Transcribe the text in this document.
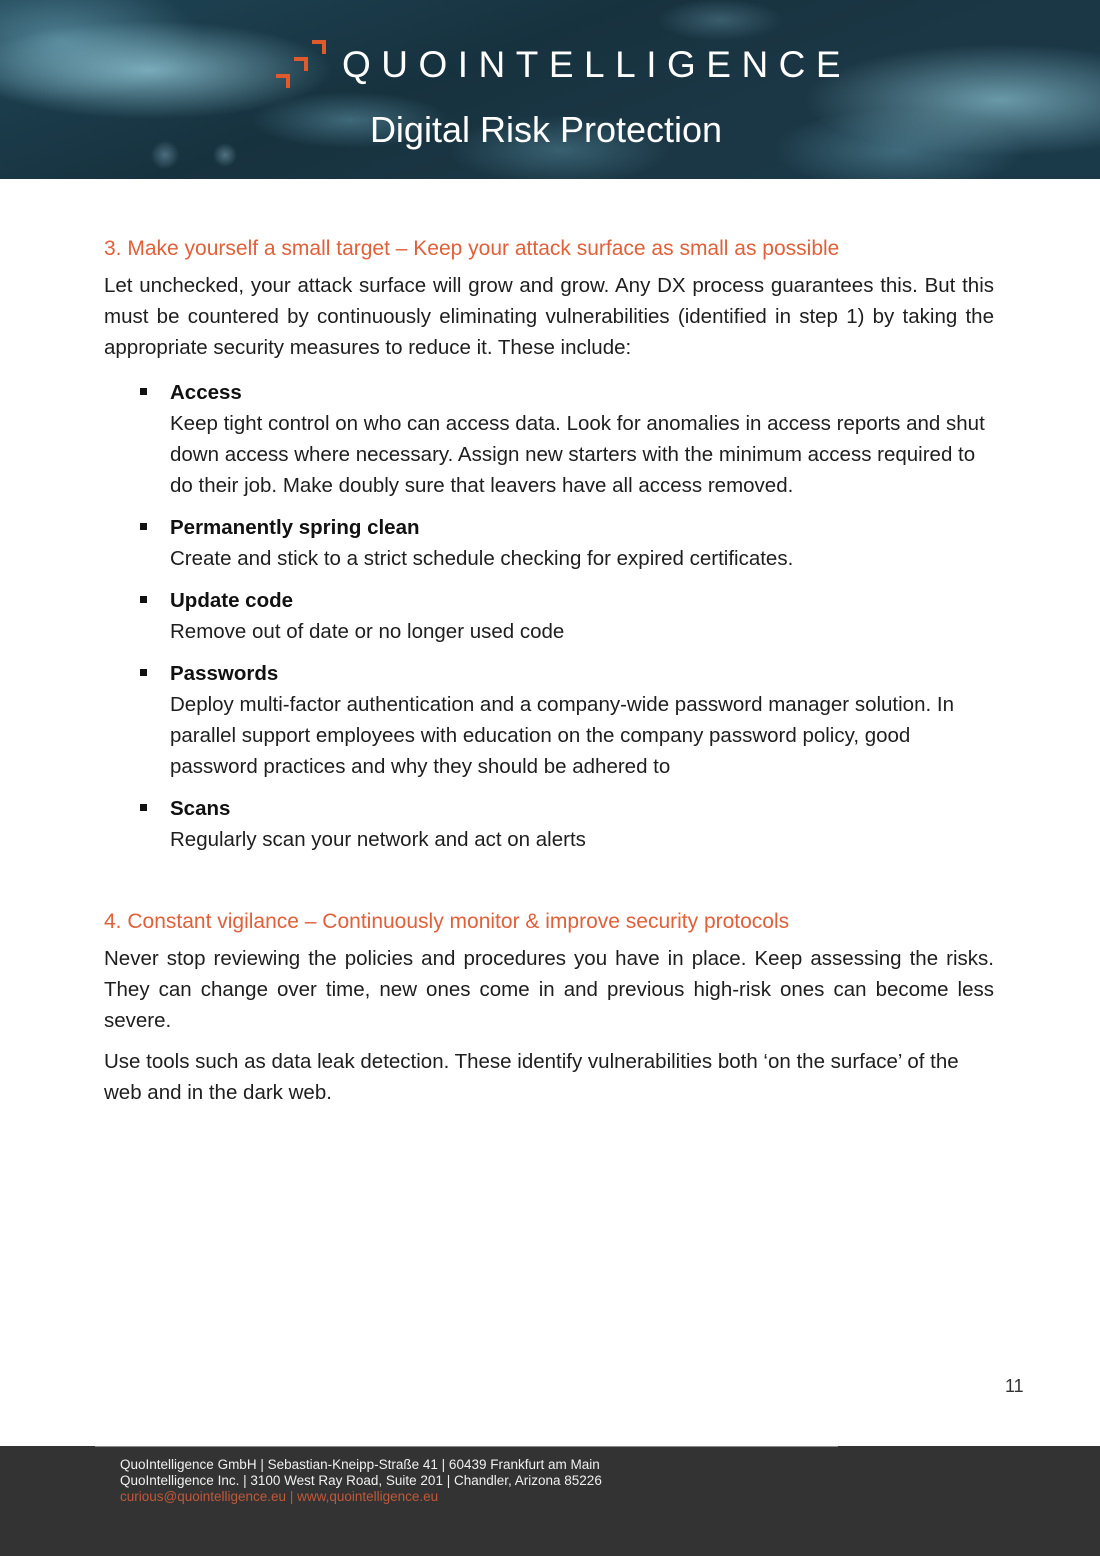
QUOINTELLIGENCE
Digital Risk Protection
3. Make yourself a small target – Keep your attack surface as small as possible

Let unchecked, your attack surface will grow and grow. Any DX process guarantees this. But this must be countered by continuously eliminating vulnerabilities (identified in step 1) by taking the appropriate security measures to reduce it. These include:

Access
Keep tight control on who can access data. Look for anomalies in access reports and shut down access where necessary. Assign new starters with the minimum access required to do their job. Make doubly sure that leavers have all access removed.
Permanently spring clean
Create and stick to a strict schedule checking for expired certificates.
Update code
Remove out of date or no longer used code
Passwords
Deploy multi-factor authentication and a company-wide password manager solution. In parallel support employees with education on the company password policy, good password practices and why they should be adhered to
Scans
Regularly scan your network and act on alerts
4. Constant vigilance – Continuously monitor & improve security protocols

Never stop reviewing the policies and procedures you have in place. Keep assessing the risks. They can change over time, new ones come in and previous high-risk ones can become less severe.

Use tools such as data leak detection. These identify vulnerabilities both ‘on the surface’ of the web and in the dark web.

11
QuoIntelligence GmbH | Sebastian-Kneipp-Straße 41 | 60439 Frankfurt am Main
QuoIntelligence Inc. | 3100 West Ray Road, Suite 201 | Chandler, Arizona 85226
curious@quointelligence.eu | www,quointelligence.eu
